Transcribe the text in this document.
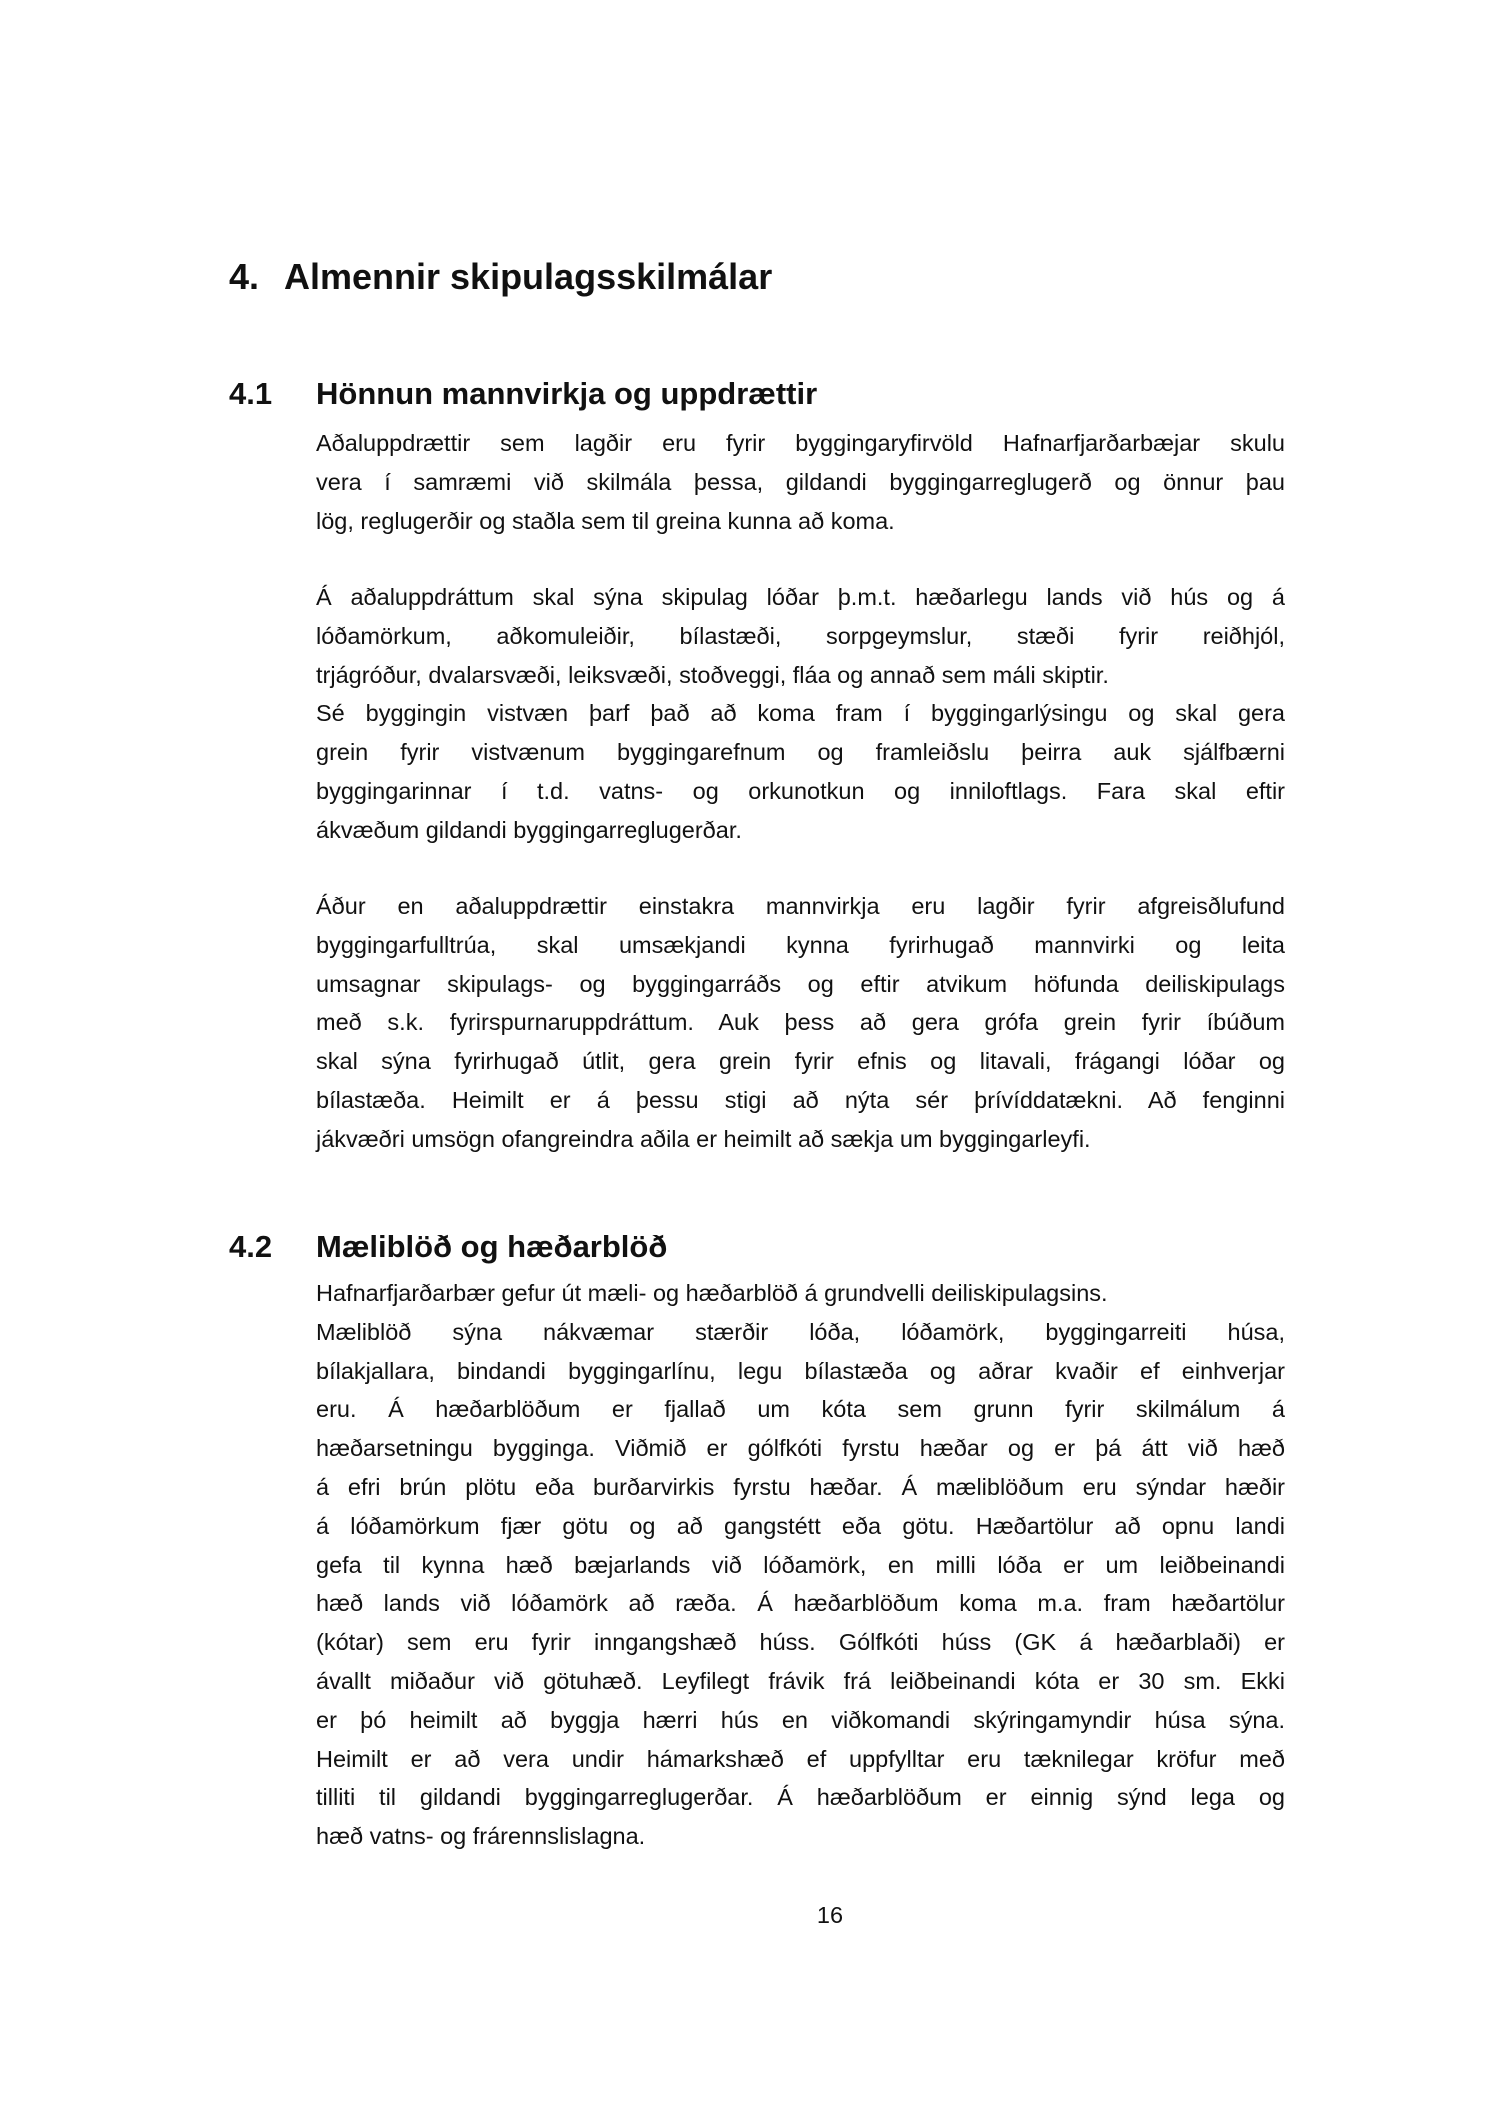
4. Almennir skipulagsskilmálar
4.1 Hönnun mannvirkja og uppdrættir
Aðaluppdrættir sem lagðir eru fyrir byggingaryfirvöld Hafnarfjarðarbæjar skulu
vera í samræmi við skilmála þessa, gildandi byggingarreglugerð og önnur þau
lög, reglugerðir og staðla sem til greina kunna að koma.
Á aðaluppdráttum skal sýna skipulag lóðar þ.m.t. hæðarlegu lands við hús og á
lóðamörkum, aðkomuleiðir, bílastæði, sorpgeymslur, stæði fyrir reiðhjól,
trjágróður, dvalarsvæði, leiksvæði, stoðveggi, fláa og annað sem máli skiptir.
Sé byggingin vistvæn þarf það að koma fram í byggingarlýsingu og skal gera
grein fyrir vistvænum byggingarefnum og framleiðslu þeirra auk sjálfbærni
byggingarinnar í t.d. vatns- og orkunotkun og inniloftlags. Fara skal eftir
ákvæðum gildandi byggingarreglugerðar.
Áður en aðaluppdrættir einstakra mannvirkja eru lagðir fyrir afgreisðlufund
byggingarfulltrúa, skal umsækjandi kynna fyrirhugað mannvirki og leita
umsagnar skipulags- og byggingarráðs og eftir atvikum höfunda deiliskipulags
með s.k. fyrirspurnaruppdráttum. Auk þess að gera grófa grein fyrir íbúðum
skal sýna fyrirhugað útlit, gera grein fyrir efnis og litavali, frágangi lóðar og
bílastæða. Heimilt er á þessu stigi að nýta sér þrívíddatækni. Að fenginni
jákvæðri umsögn ofangreindra aðila er heimilt að sækja um byggingarleyfi.
4.2 Mæliblöð og hæðarblöð
Hafnarfjarðarbær gefur út mæli- og hæðarblöð á grundvelli deiliskipulagsins.
Mæliblöð sýna nákvæmar stærðir lóða, lóðamörk, byggingarreiti húsa,
bílakjallara, bindandi byggingarlínu, legu bílastæða og aðrar kvaðir ef einhverjar
eru. Á hæðarblöðum er fjallað um kóta sem grunn fyrir skilmálum á
hæðarsetningu bygginga. Viðmið er gólfkóti fyrstu hæðar og er þá átt við hæð
á efri brún plötu eða burðarvirkis fyrstu hæðar. Á mæliblöðum eru sýndar hæðir
á lóðamörkum fjær götu og að gangstétt eða götu. Hæðartölur að opnu landi
gefa til kynna hæð bæjarlands við lóðamörk, en milli lóða er um leiðbeinandi
hæð lands við lóðamörk að ræða. Á hæðarblöðum koma m.a. fram hæðartölur
(kótar) sem eru fyrir inngangshæð húss. Gólfkóti húss (GK á hæðarblaði) er
ávallt miðaður við götuhæð. Leyfilegt frávik frá leiðbeinandi kóta er 30 sm. Ekki
er þó heimilt að byggja hærri hús en viðkomandi skýringamyndir húsa sýna.
Heimilt er að vera undir hámarkshæð ef uppfylltar eru tæknilegar kröfur með
tilliti til gildandi byggingarreglugerðar. Á hæðarblöðum er einnig sýnd lega og
hæð vatns- og frárennslislagna.
16
